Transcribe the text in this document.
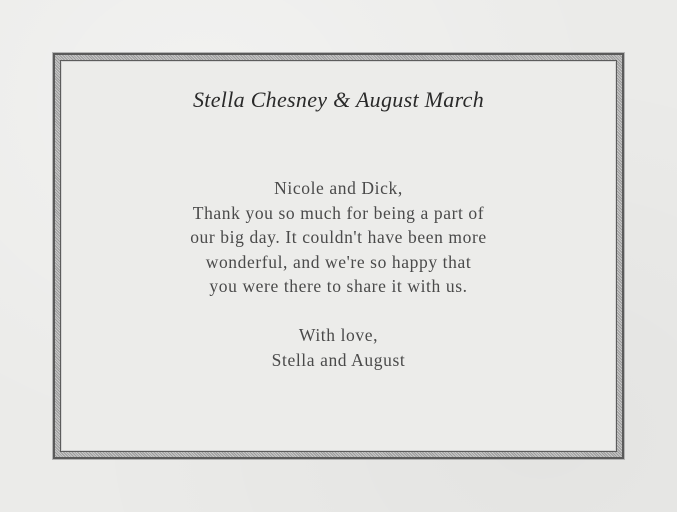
Stella Chesney & August March
Nicole and Dick,
Thank you so much for being a part of
our big day. It couldn't have been more
wonderful, and we're so happy that
you were there to share it with us.
With love,
Stella and August
